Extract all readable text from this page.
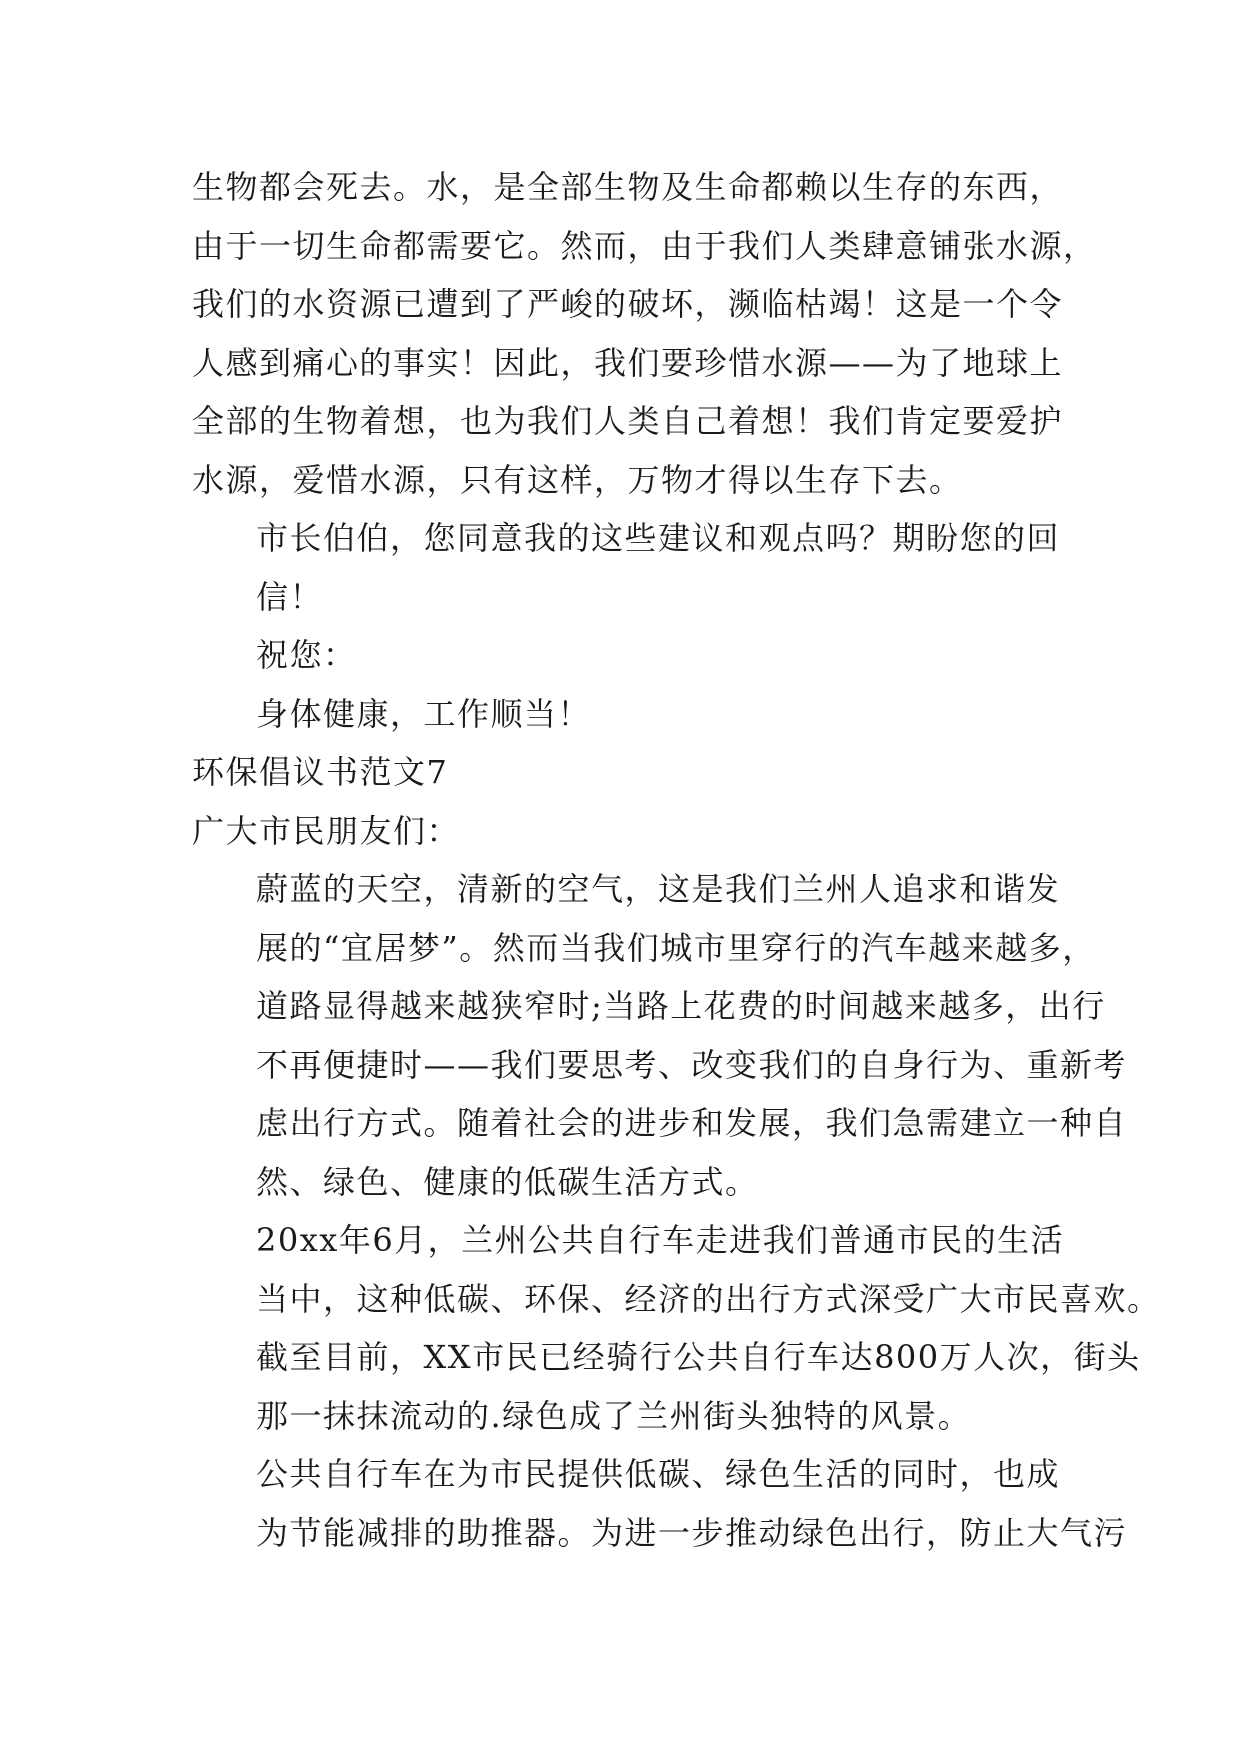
生物都会死去。水，是全部生物及生命都赖以生存的东西，
由于一切生命都需要它。然而，由于我们人类肆意铺张水源，
我们的水资源已遭到了严峻的破坏，濒临枯竭！这是一个令
人感到痛心的事实！因此，我们要珍惜水源——为了地球上
全部的生物着想，也为我们人类自己着想！我们肯定要爱护
水源，爱惜水源，只有这样，万物才得以生存下去。
市长伯伯，您同意我的这些建议和观点吗？期盼您的回
信！
祝您：
身体健康，工作顺当！
环保倡议书范文7
广大市民朋友们：
蔚蓝的天空，清新的空气，这是我们兰州人追求和谐发
展的“宜居梦”。然而当我们城市里穿行的汽车越来越多，
道路显得越来越狭窄时;当路上花费的时间越来越多，出行
不再便捷时——我们要思考、改变我们的自身行为、重新考
虑出行方式。随着社会的进步和发展，我们急需建立一种自
然、绿色、健康的低碳生活方式。
20xx年6月，兰州公共自行车走进我们普通市民的生活
当中，这种低碳、环保、经济的出行方式深受广大市民喜欢。
截至目前，XX市民已经骑行公共自行车达800万人次，街头
那一抹抹流动的.绿色成了兰州街头独特的风景。
公共自行车在为市民提供低碳、绿色生活的同时，也成
为节能减排的助推器。为进一步推动绿色出行，防止大气污
